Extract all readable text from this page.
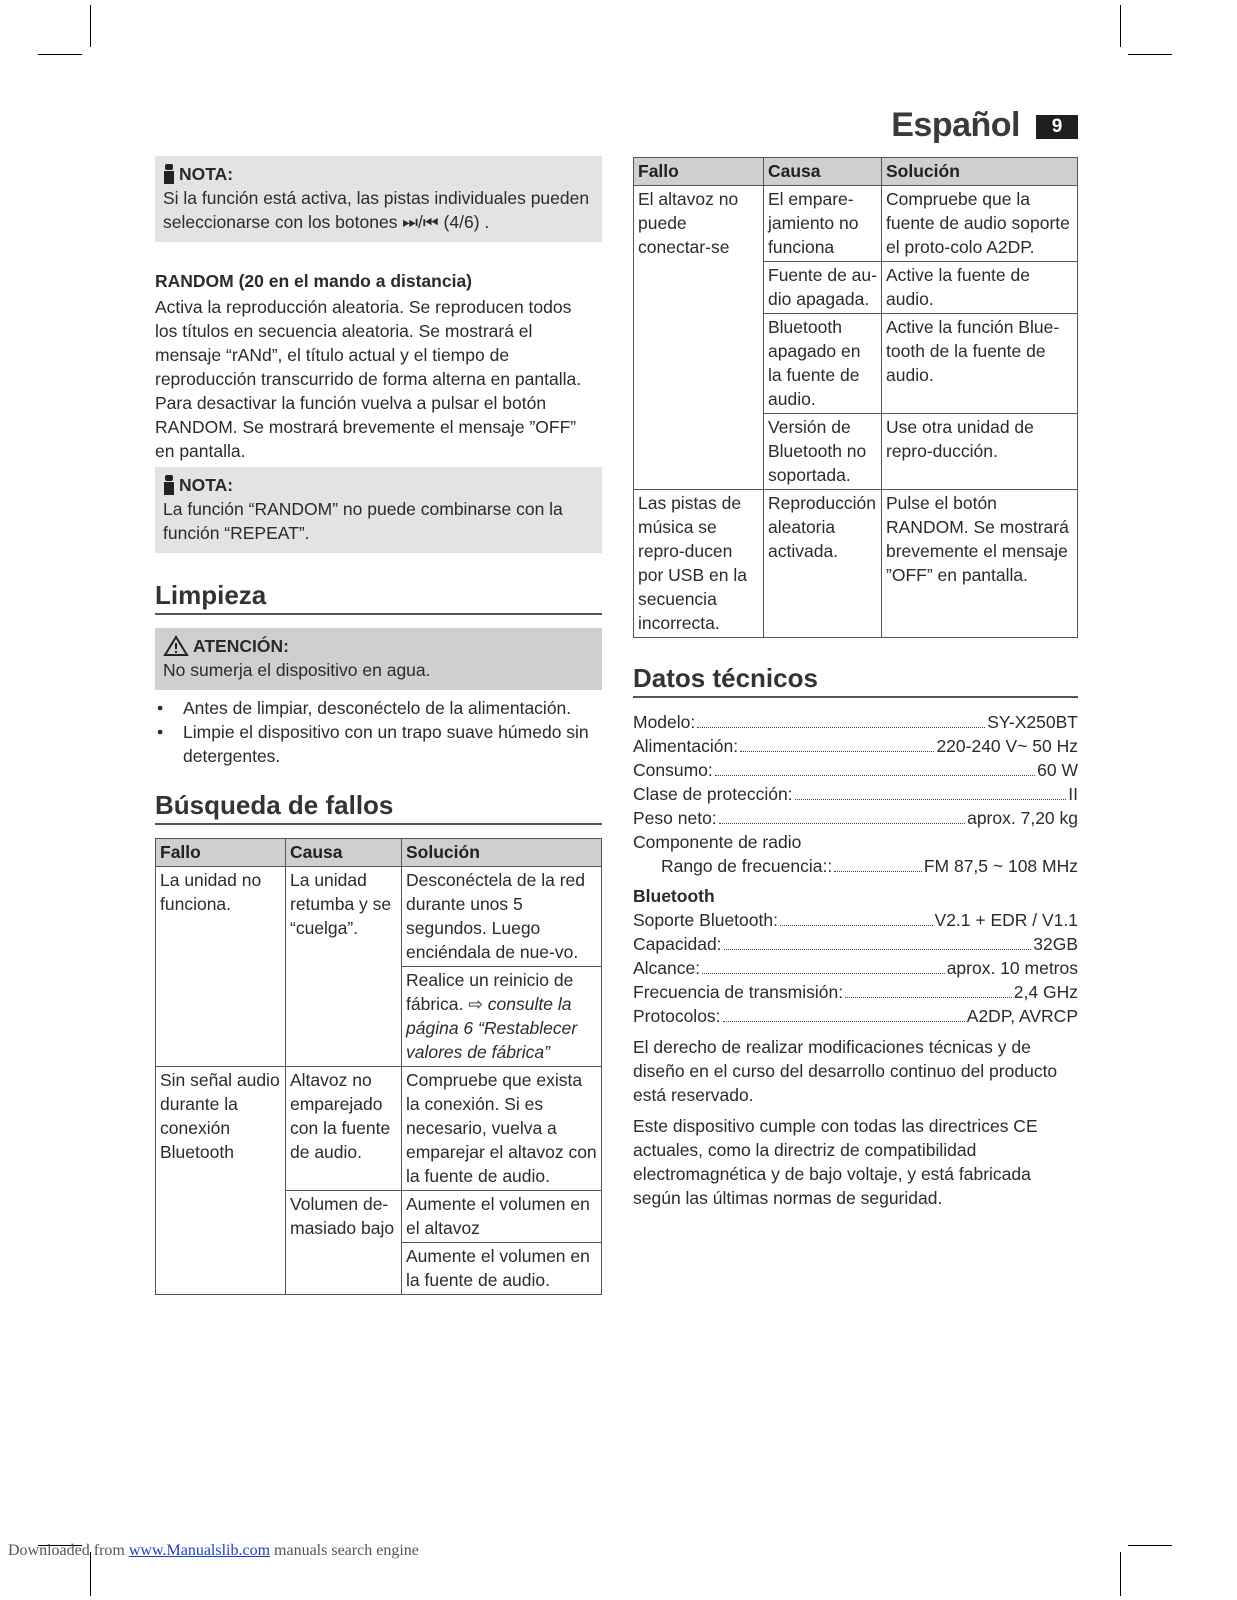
Español	9
NOTA:
Si la función está activa, las pistas individuales pueden seleccionarse con los botones ⏭/⏮ (4/6) .
RANDOM (20 en el mando a distancia)
Activa la reproducción aleatoria. Se reproducen todos los títulos en secuencia aleatoria. Se mostrará el mensaje “rANd”, el título actual y el tiempo de reproducción transcurrido de forma alterna en pantalla. Para desactivar la función vuelva a pulsar el botón RANDOM. Se mostrará brevemente el mensaje ”OFF” en pantalla.
NOTA:
La función “RANDOM” no puede combinarse con la función “REPEAT”.
Limpieza
ATENCIÓN:
No sumerja el dispositivo en agua.
• Antes de limpiar, desconéctelo de la alimentación.
• Limpie el dispositivo con un trapo suave húmedo sin detergentes.
Búsqueda de fallos
Fallo	Causa	Solución
La unidad no funciona.	La unidad retumba y se “cuelga”.	Desconéctela de la red durante unos 5 segundos. Luego enciéndala de nue-vo.
		Realice un reinicio de fábrica. ⇨ consulte la página 6 “Restablecer valores de fábrica”
Sin señal audio durante la conexión Bluetooth	Altavoz no emparejado con la fuente de audio.	Compruebe que exista la conexión. Si es necesario, vuelva a emparejar el altavoz con la fuente de audio.
	Volumen de-masiado bajo	Aumente el volumen en el altavoz
		Aumente el volumen en la fuente de audio.
Fallo	Causa	Solución
El altavoz no puede conectar-se	El empare-jamiento no funciona	Compruebe que la fuente de audio soporte el proto-colo A2DP.
	Fuente de au-dio apagada.	Active la fuente de audio.
	Bluetooth apagado en la fuente de audio.	Active la función Blue-tooth de la fuente de audio.
	Versión de Bluetooth no soportada.	Use otra unidad de repro-ducción.
Las pistas de música se repro-ducen por USB en la secuencia incorrecta.	Reproducción aleatoria activada.	Pulse el botón RANDOM. Se mostrará brevemente el mensaje ”OFF” en pantalla.
Datos técnicos
Modelo:	SY-X250BT
Alimentación:	220-240 V~ 50 Hz
Consumo:	60 W
Clase de protección:	II
Peso neto:	aprox. 7,20 kg
Componente de radio
Rango de frecuencia::	FM 87,5 ~ 108 MHz
Bluetooth
Soporte Bluetooth:	V2.1 + EDR / V1.1
Capacidad:	32GB
Alcance:	aprox. 10 metros
Frecuencia de transmisión:	2,4 GHz
Protocolos:	A2DP, AVRCP
El derecho de realizar modificaciones técnicas y de diseño en el curso del desarrollo continuo del producto está reservado.
Este dispositivo cumple con todas las directrices CE actuales, como la directriz de compatibilidad electromagnética y de bajo voltaje, y está fabricada según las últimas normas de seguridad.
Downloaded from www.Manualslib.com manuals search engine
